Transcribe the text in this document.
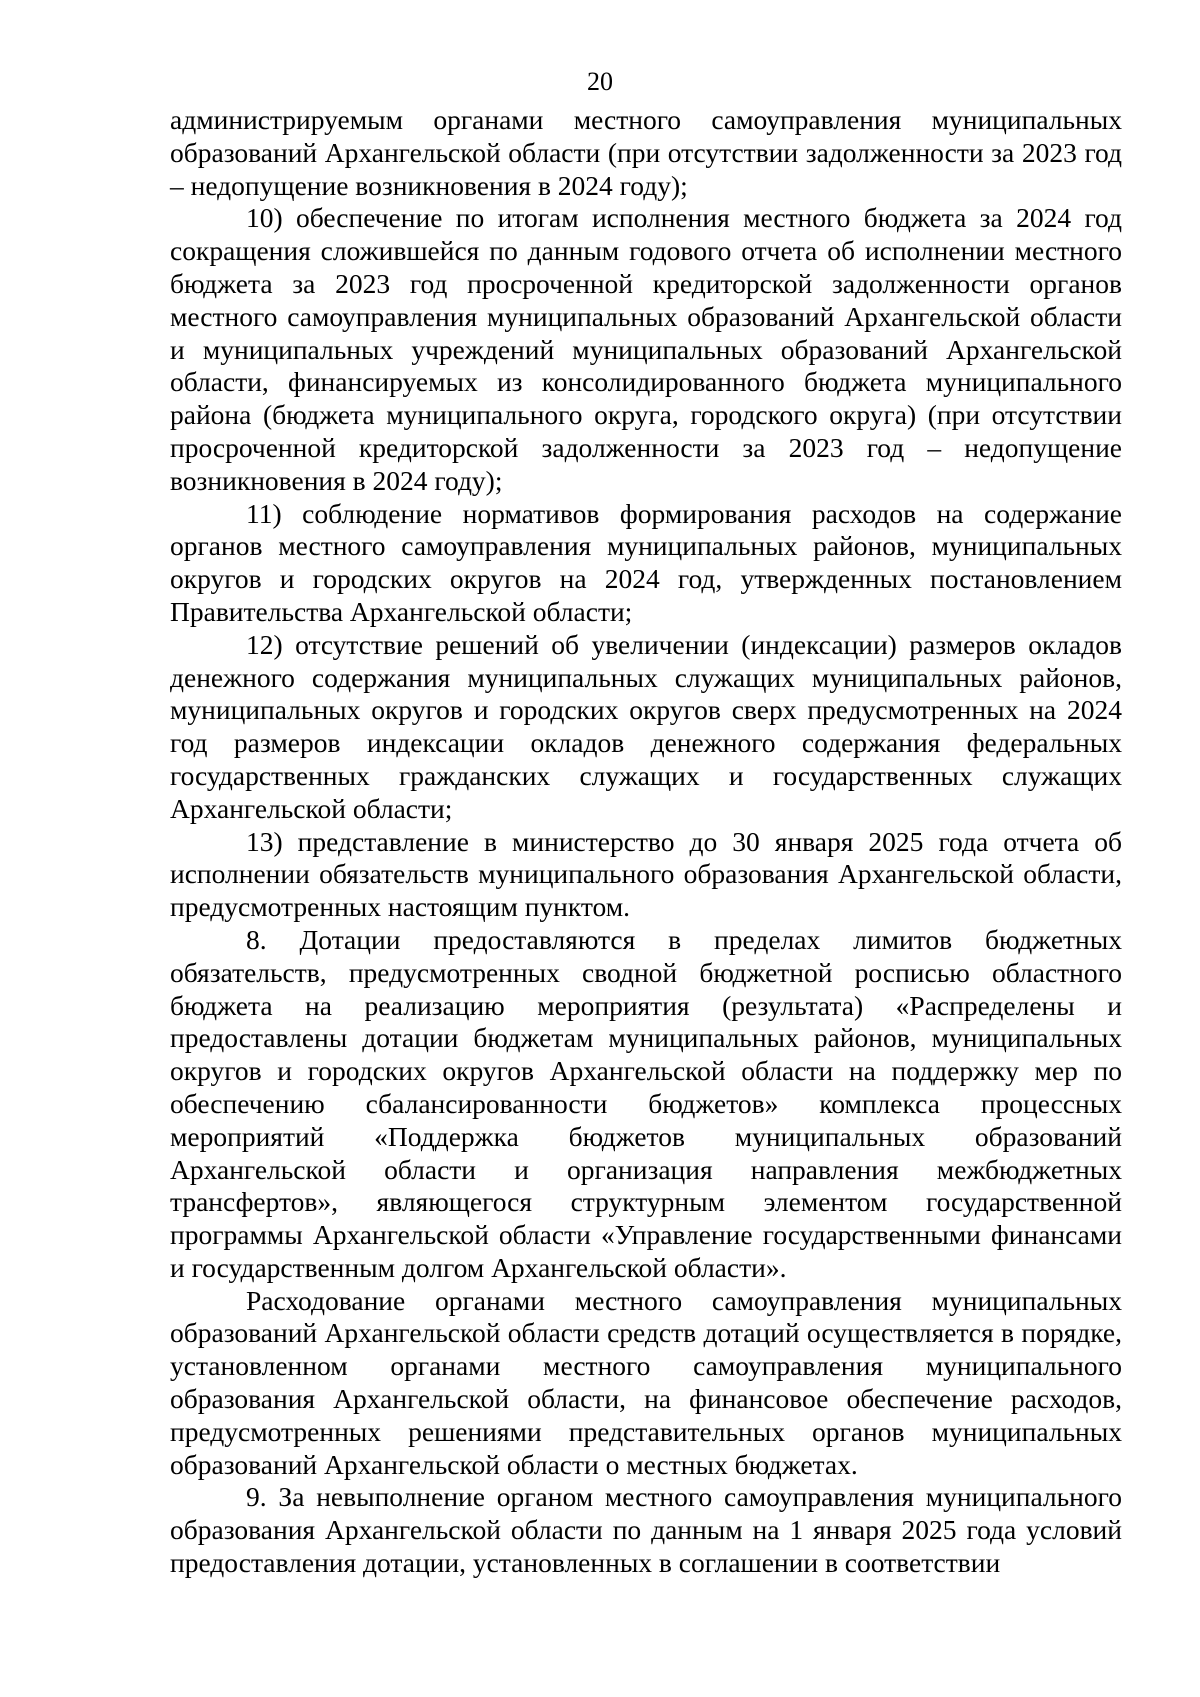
20

администрируемым органами местного самоуправления муниципальных образований Архангельской области (при отсутствии задолженности за 2023 год – недопущение возникновения в 2024 году);

10) обеспечение по итогам исполнения местного бюджета за 2024 год сокращения сложившейся по данным годового отчета об исполнении местного бюджета за 2023 год просроченной кредиторской задолженности органов местного самоуправления муниципальных образований Архангельской области и муниципальных учреждений муниципальных образований Архангельской области, финансируемых из консолидированного бюджета муниципального района (бюджета муниципального округа, городского округа) (при отсутствии просроченной кредиторской задолженности за 2023 год – недопущение возникновения в 2024 году);

11) соблюдение нормативов формирования расходов на содержание органов местного самоуправления муниципальных районов, муниципальных округов и городских округов на 2024 год, утвержденных постановлением Правительства Архангельской области;

12) отсутствие решений об увеличении (индексации) размеров окладов денежного содержания муниципальных служащих муниципальных районов, муниципальных округов и городских округов сверх предусмотренных на 2024 год размеров индексации окладов денежного содержания федеральных государственных гражданских служащих и государственных служащих Архангельской области;

13) представление в министерство до 30 января 2025 года отчета об исполнении обязательств муниципального образования Архангельской области, предусмотренных настоящим пунктом.

8. Дотации предоставляются в пределах лимитов бюджетных обязательств, предусмотренных сводной бюджетной росписью областного бюджета на реализацию мероприятия (результата) «Распределены и предоставлены дотации бюджетам муниципальных районов, муниципальных округов и городских округов Архангельской области на поддержку мер по обеспечению сбалансированности бюджетов» комплекса процессных мероприятий «Поддержка бюджетов муниципальных образований Архангельской области и организация направления межбюджетных трансфертов», являющегося структурным элементом государственной программы Архангельской области «Управление государственными финансами и государственным долгом Архангельской области».

Расходование органами местного самоуправления муниципальных образований Архангельской области средств дотаций осуществляется в порядке, установленном органами местного самоуправления муниципального образования Архангельской области, на финансовое обеспечение расходов, предусмотренных решениями представительных органов муниципальных образований Архангельской области о местных бюджетах.

9. За невыполнение органом местного самоуправления муниципального образования Архангельской области по данным на 1 января 2025 года условий предоставления дотации, установленных в соглашении в соответствии
